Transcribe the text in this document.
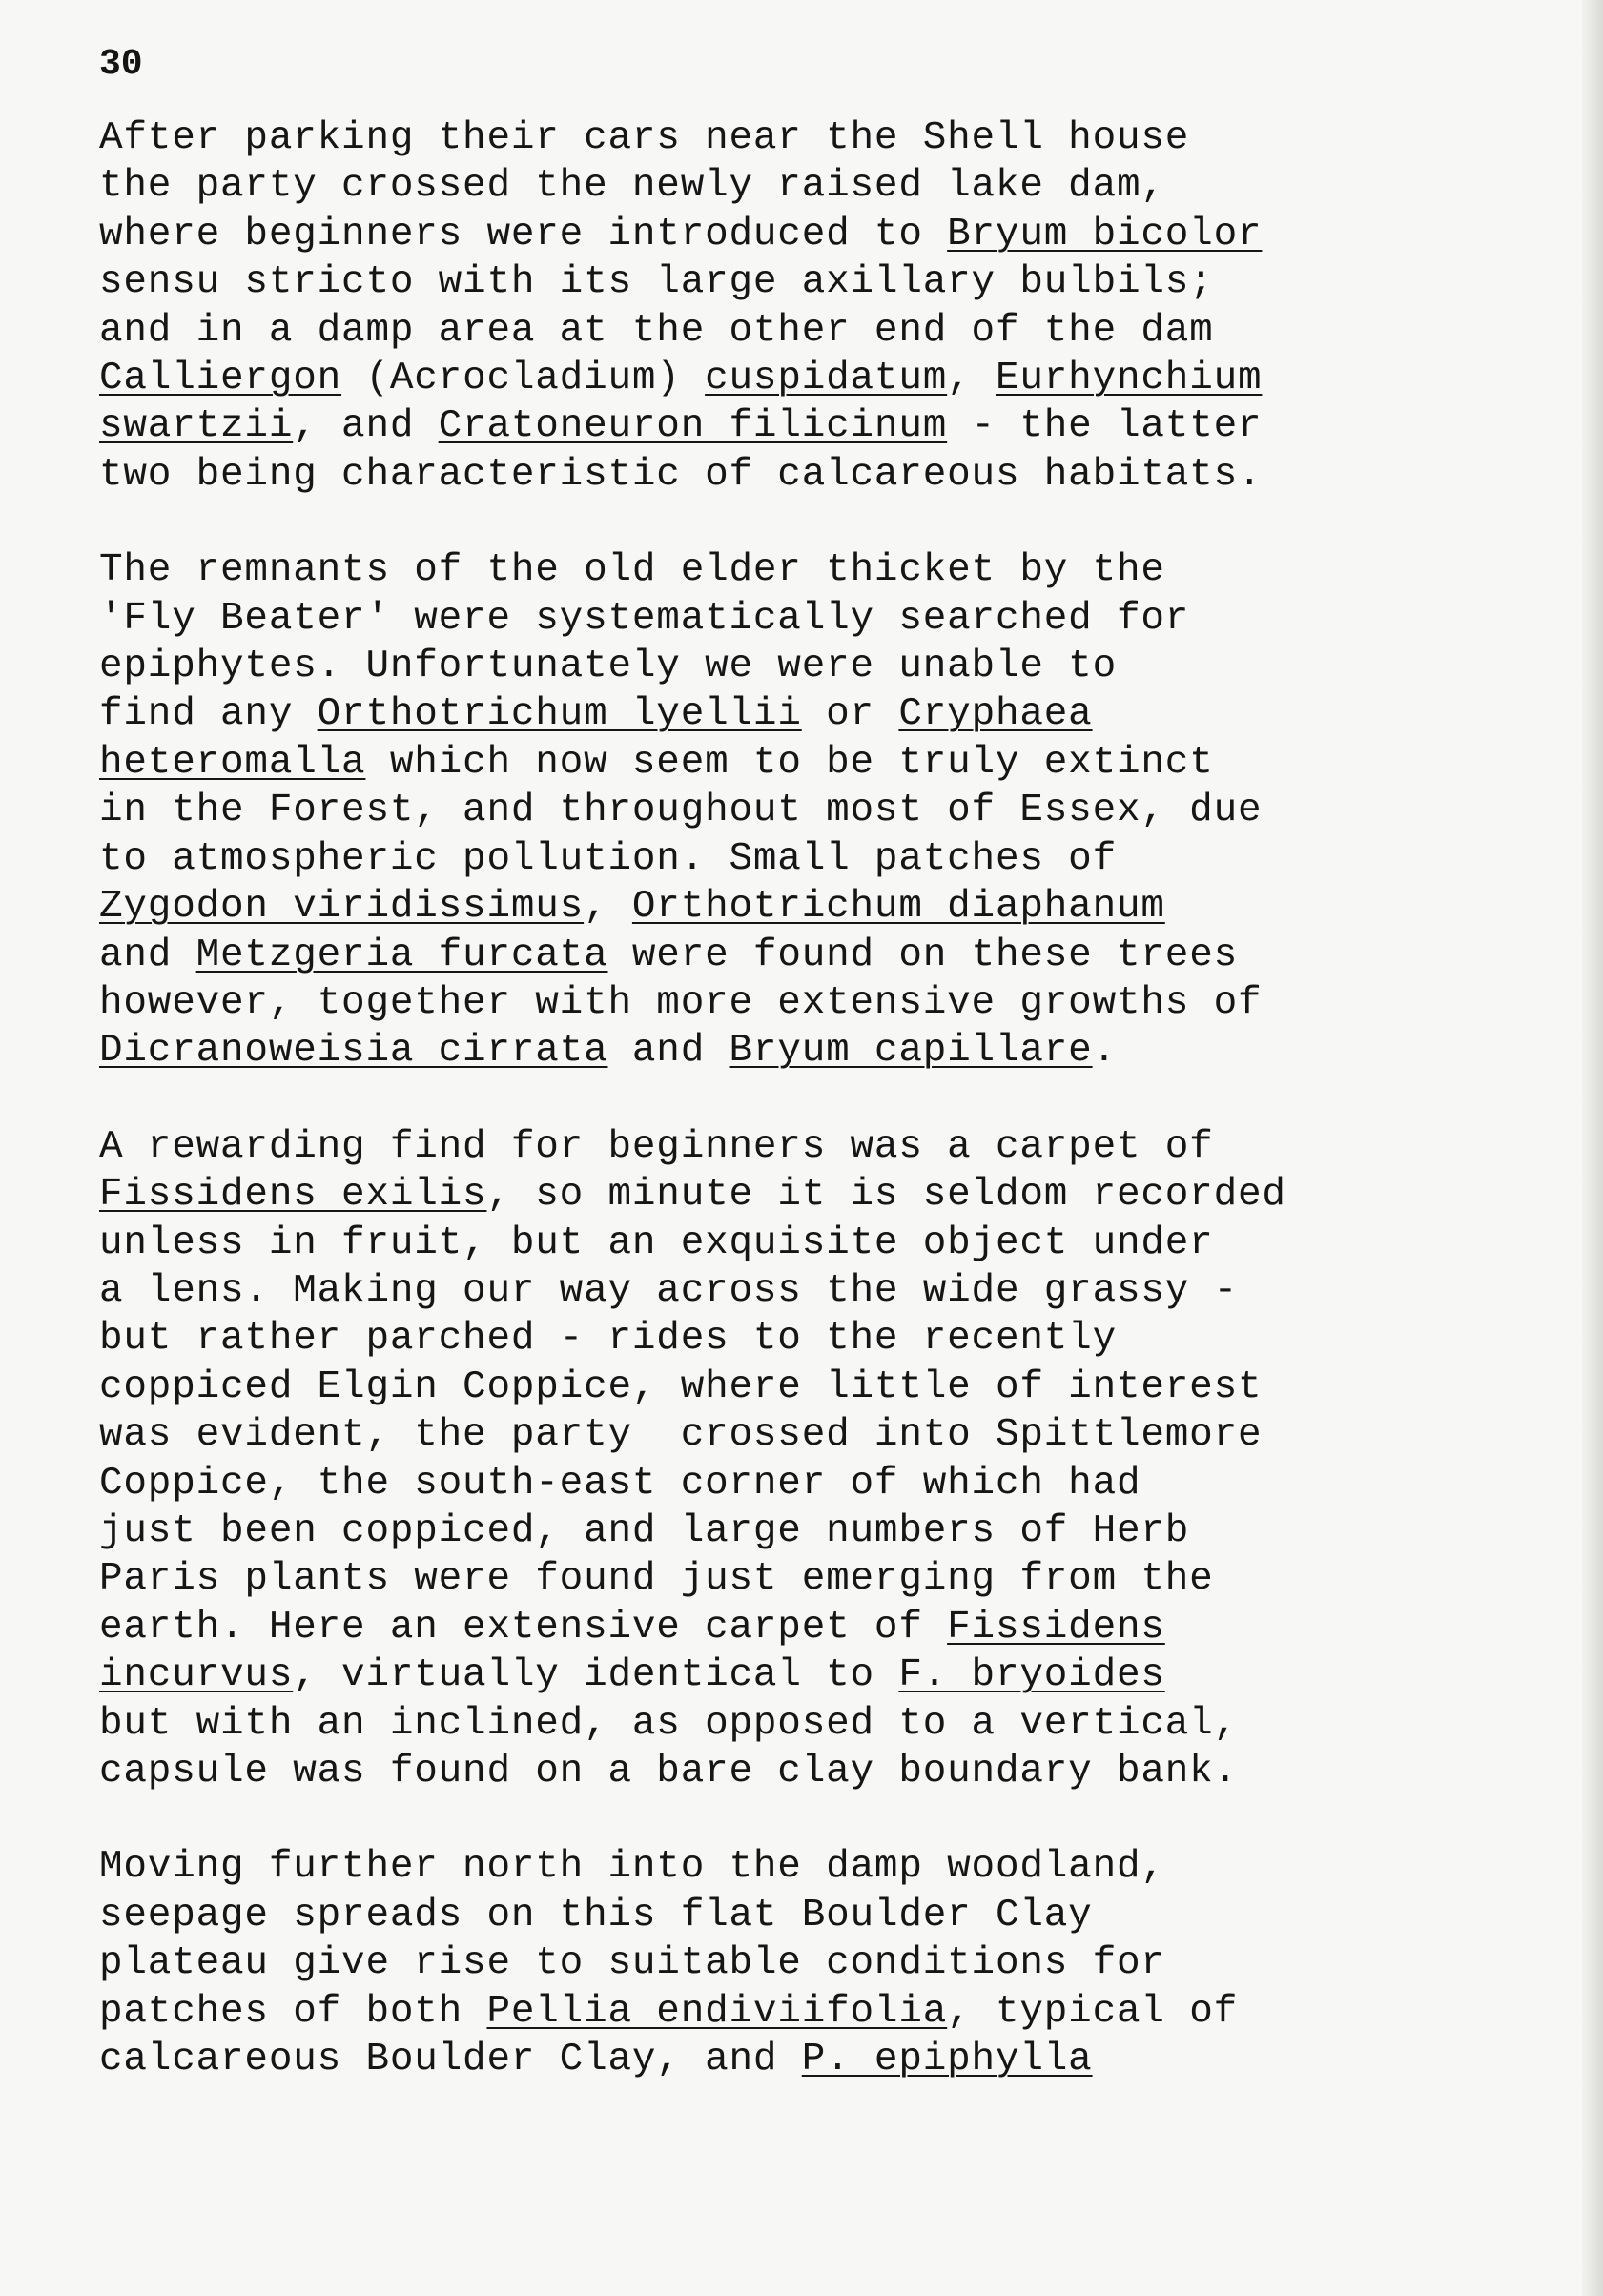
30

After parking their cars near the Shell house
the party crossed the newly raised lake dam,
where beginners were introduced to Bryum bicolor
sensu stricto with its large axillary bulbils;
and in a damp area at the other end of the dam
Calliergon (Acrocladium) cuspidatum, Eurhynchium
swartzii, and Cratoneuron filicinum - the latter
two being characteristic of calcareous habitats.

The remnants of the old elder thicket by the
'Fly Beater' were systematically searched for
epiphytes. Unfortunately we were unable to
find any Orthotrichum lyellii or Cryphaea
heteromalla which now seem to be truly extinct
in the Forest, and throughout most of Essex, due
to atmospheric pollution. Small patches of
Zygodon viridissimus, Orthotrichum diaphanum
and Metzgeria furcata were found on these trees
however, together with more extensive growths of
Dicranoweisia cirrata and Bryum capillare.

A rewarding find for beginners was a carpet of
Fissidens exilis, so minute it is seldom recorded
unless in fruit, but an exquisite object under
a lens. Making our way across the wide grassy -
but rather parched - rides to the recently
coppiced Elgin Coppice, where little of interest
was evident, the party  crossed into Spittlemore
Coppice, the south-east corner of which had
just been coppiced, and large numbers of Herb
Paris plants were found just emerging from the
earth. Here an extensive carpet of Fissidens
incurvus, virtually identical to F. bryoides
but with an inclined, as opposed to a vertical,
capsule was found on a bare clay boundary bank.

Moving further north into the damp woodland,
seepage spreads on this flat Boulder Clay
plateau give rise to suitable conditions for
patches of both Pellia endiviifolia, typical of
calcareous Boulder Clay, and P. epiphylla
